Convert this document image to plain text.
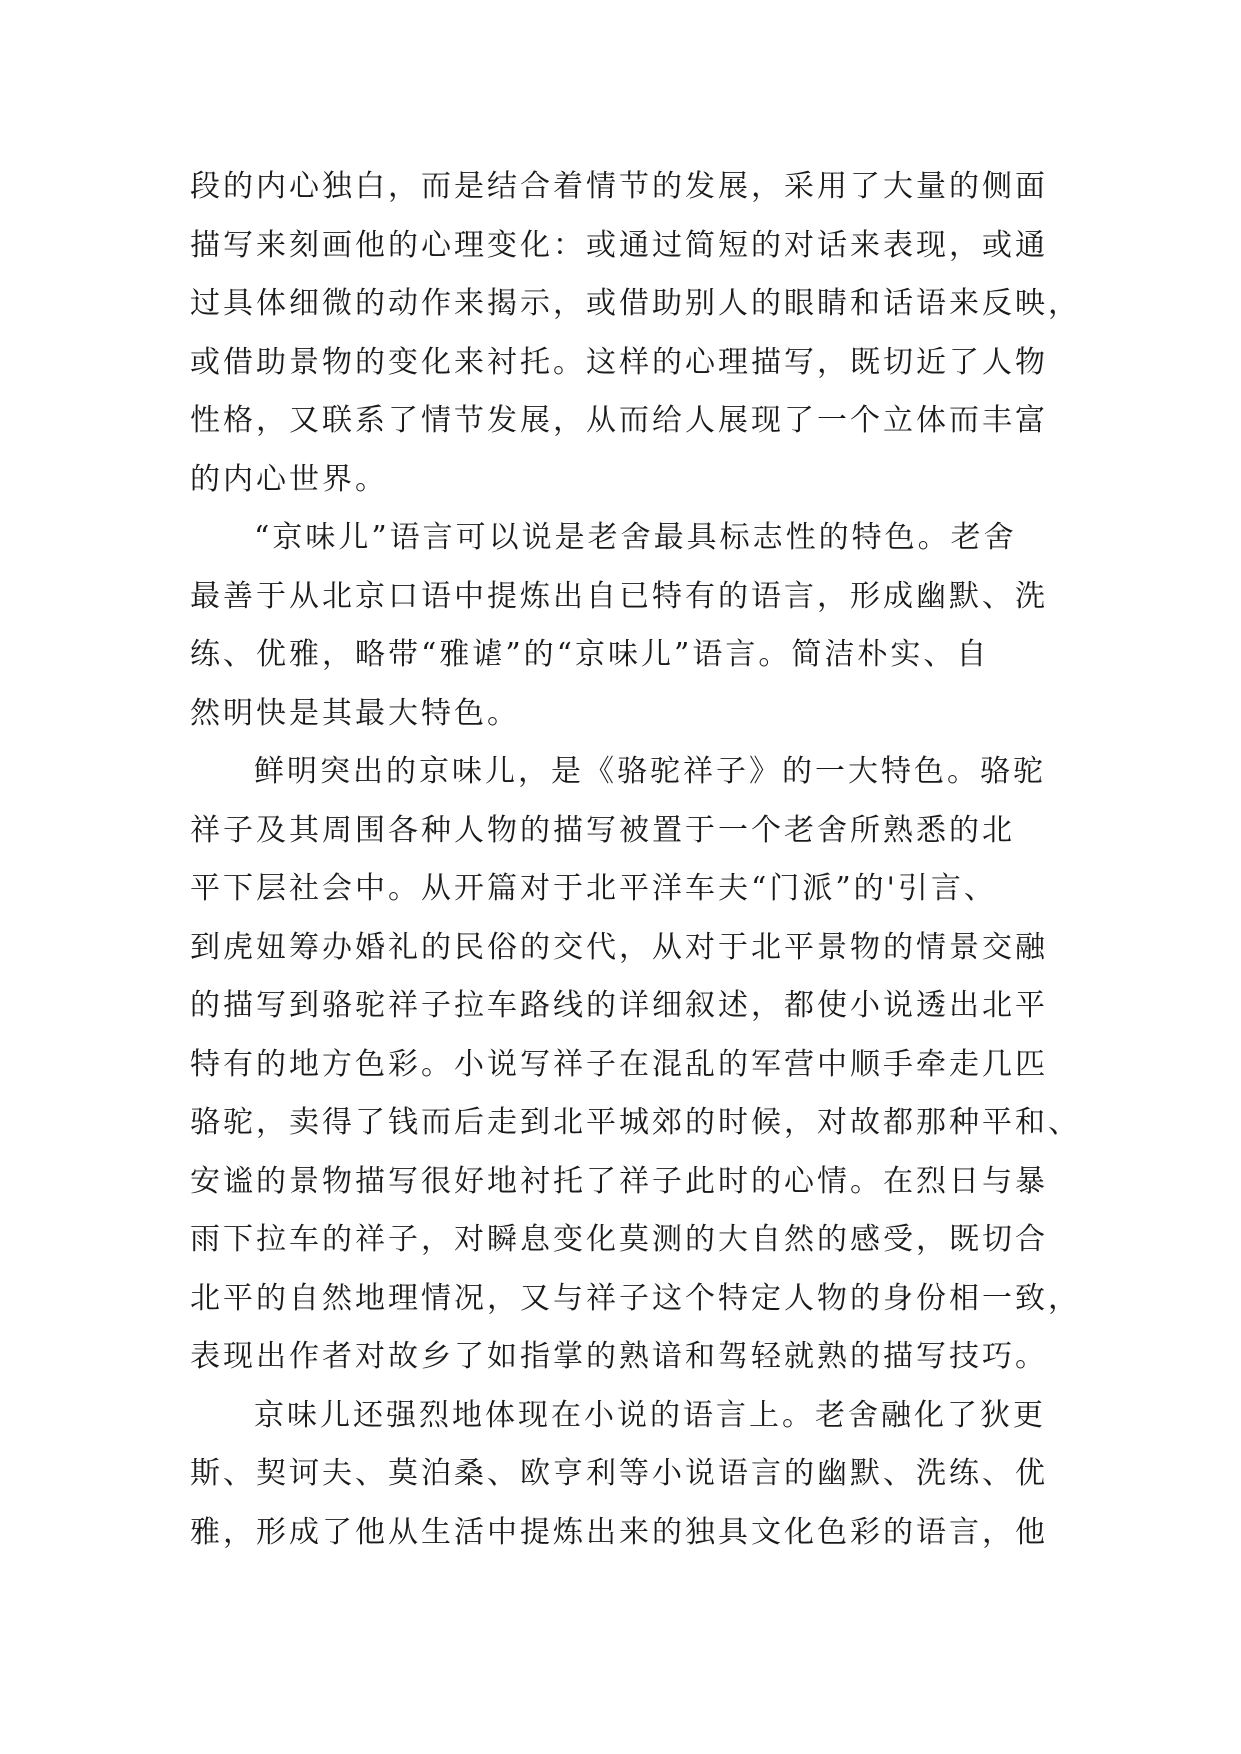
段的内心独白，而是结合着情节的发展，采用了大量的侧面
描写来刻画他的心理变化：或通过简短的对话来表现，或通
过具体细微的动作来揭示，或借助别人的眼睛和话语来反映，
或借助景物的变化来衬托。这样的心理描写，既切近了人物
性格，又联系了情节发展，从而给人展现了一个立体而丰富
的内心世界。
“京味儿”语言可以说是老舍最具标志性的特色。老舍
最善于从北京口语中提炼出自已特有的语言，形成幽默、洗
练、优雅，略带“雅谑”的“京味儿”语言。简洁朴实、自
然明快是其最大特色。
鲜明突出的京味儿，是《骆驼祥子》的一大特色。骆驼
祥子及其周围各种人物的描写被置于一个老舍所熟悉的北
平下层社会中。从开篇对于北平洋车夫“门派”的'引言、
到虎妞筹办婚礼的民俗的交代，从对于北平景物的情景交融
的描写到骆驼祥子拉车路线的详细叙述，都使小说透出北平
特有的地方色彩。小说写祥子在混乱的军营中顺手牵走几匹
骆驼，卖得了钱而后走到北平城郊的时候，对故都那种平和、
安谧的景物描写很好地衬托了祥子此时的心情。在烈日与暴
雨下拉车的祥子，对瞬息变化莫测的大自然的感受，既切合
北平的自然地理情况，又与祥子这个特定人物的身份相一致，
表现出作者对故乡了如指掌的熟谙和驾轻就熟的描写技巧。
京味儿还强烈地体现在小说的语言上。老舍融化了狄更
斯、契诃夫、莫泊桑、欧亨利等小说语言的幽默、洗练、优
雅，形成了他从生活中提炼出来的独具文化色彩的语言，他
